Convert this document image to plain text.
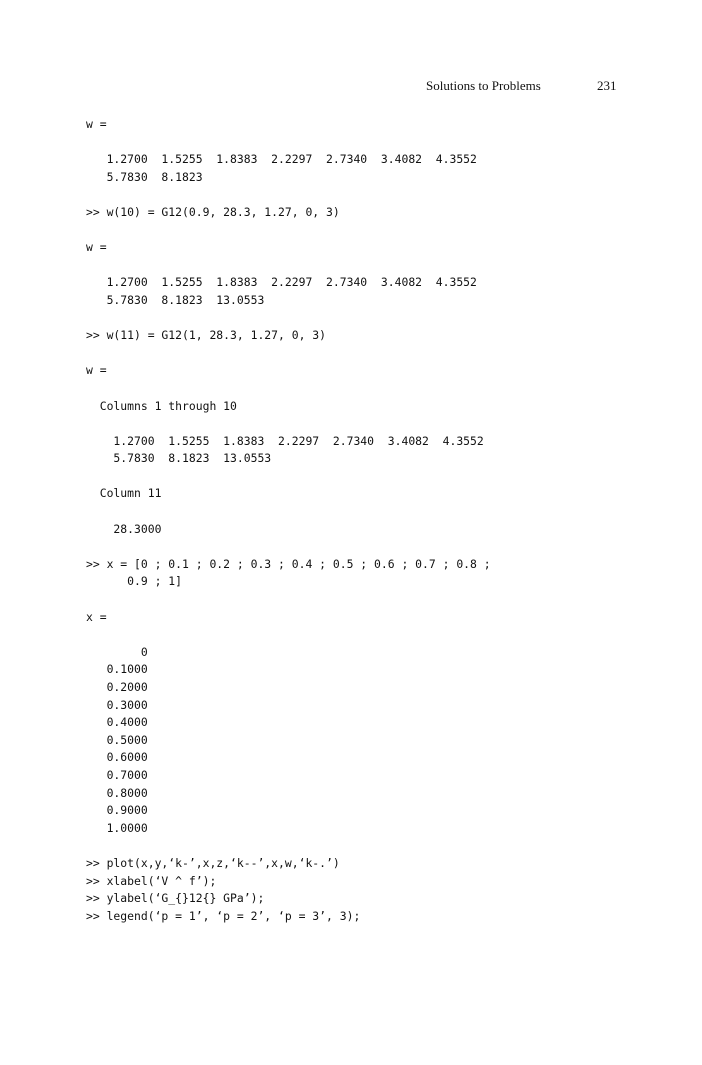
Solutions to Problems	231
w =
1.2700  1.5255  1.8383  2.2297  2.7340  3.4082  4.3552
5.7830  8.1823
>> w(10) = G12(0.9, 28.3, 1.27, 0, 3)
w =
1.2700  1.5255  1.8383  2.2297  2.7340  3.4082  4.3552
5.7830  8.1823  13.0553
>> w(11) = G12(1, 28.3, 1.27, 0, 3)
w =
Columns 1 through 10
1.2700  1.5255  1.8383  2.2297  2.7340  3.4082  4.3552
5.7830  8.1823  13.0553
Column 11
28.3000
>> x = [0 ; 0.1 ; 0.2 ; 0.3 ; 0.4 ; 0.5 ; 0.6 ; 0.7 ; 0.8 ;
0.9 ; 1]
x =
0
0.1000
0.2000
0.3000
0.4000
0.5000
0.6000
0.7000
0.8000
0.9000
1.0000
>> plot(x,y,‘k-’,x,z,‘k--’,x,w,‘k-.’)
>> xlabel(‘V ^ f’);
>> ylabel(‘G_{}12{} GPa’);
>> legend(‘p = 1’, ‘p = 2’, ‘p = 3’, 3);
